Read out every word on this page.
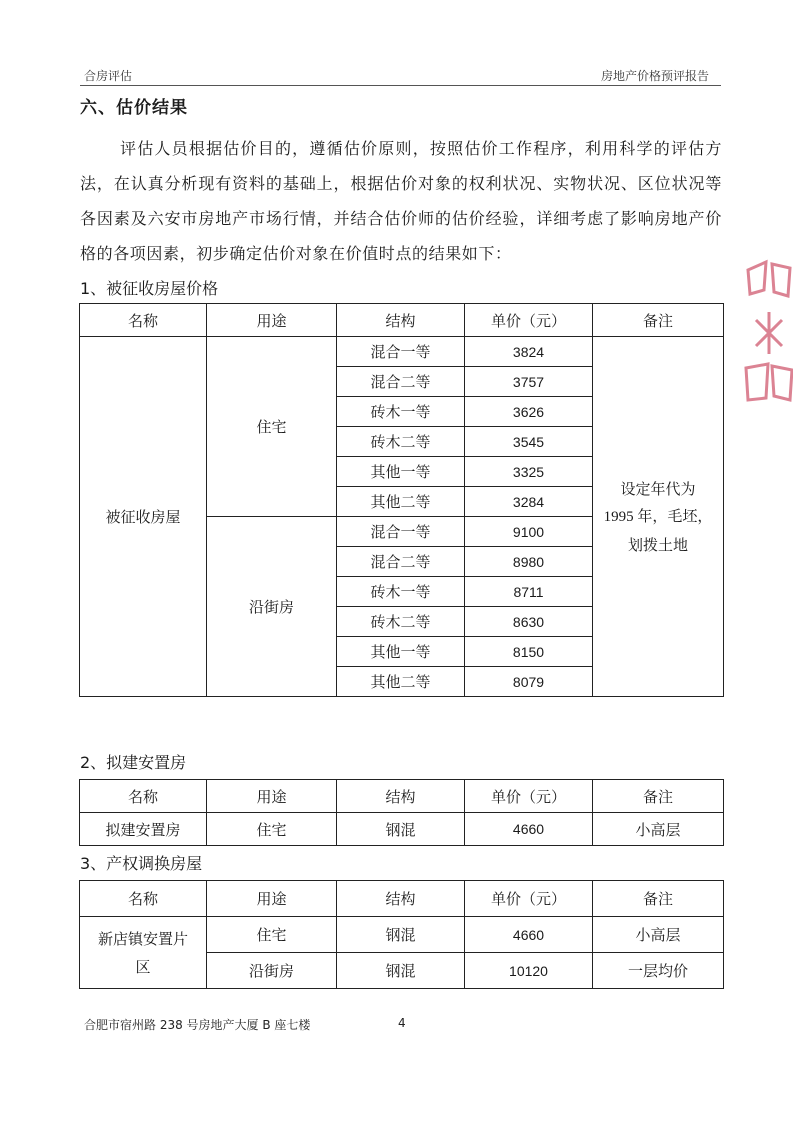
合房评估	房地产价格预评报告
六、估价结果
评估人员根据估价目的，遵循估价原则，按照估价工作程序，利用科学的评估方法，在认真分析现有资料的基础上，根据估价对象的权利状况、实物状况、区位状况等各因素及六安市房地产市场行情，并结合估价师的估价经验，详细考虑了影响房地产价格的各项因素，初步确定估价对象在价值时点的结果如下：
1、被征收房屋价格
名称	用途	结构	单价（元）	备注
被征收房屋	住宅	混合一等	3824	设定年代为
1995 年，毛坯，
划拨土地

		混合二等	3757	
		砖木一等	3626	
		砖木二等	3545	
		其他一等	3325	
		其他二等	3284	
	沿街房	混合一等	9100	
		混合二等	8980	
		砖木一等	8711	
		砖木二等	8630	
		其他一等	8150	
		其他二等	8079	
2、拟建安置房
名称	用途	结构	单价（元）	备注
拟建安置房	住宅	钢混	4660	小高层
3、产权调换房屋
名称	用途	结构	单价（元）	备注

新店镇安置片
区	住宅	钢混	4660	小高层
	沿街房	钢混	10120	一层均价
合肥市宿州路 238 号房地产大厦 B 座七楼	4
